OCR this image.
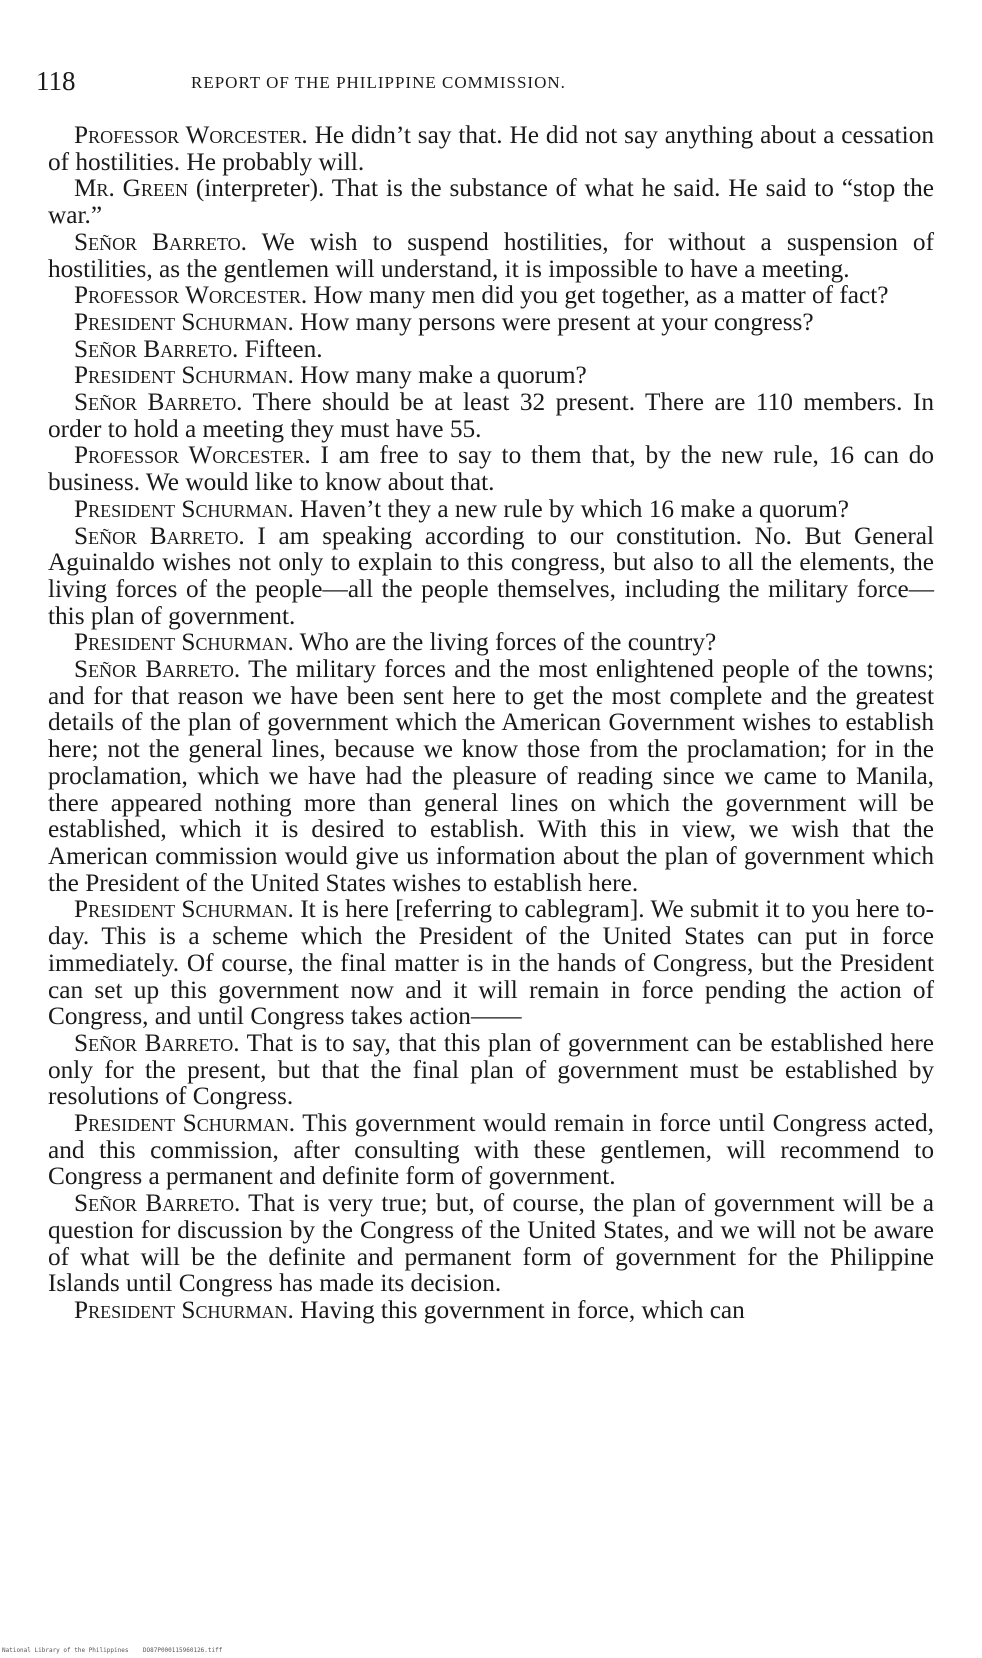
118	REPORT OF THE PHILIPPINE COMMISSION.

Professor Worcester. He didn’t say that. He did not say anything about a cessation of hostilities. He probably will.

Mr. Green (interpreter). That is the substance of what he said. He said to “stop the war.”

Señor Barreto. We wish to suspend hostilities, for without a suspension of hostilities, as the gentlemen will understand, it is impossible to have a meeting.

Professor Worcester. How many men did you get together, as a matter of fact?

President Schurman. How many persons were present at your congress?

Señor Barreto. Fifteen.

President Schurman. How many make a quorum?

Señor Barreto. There should be at least 32 present. There are 110 members. In order to hold a meeting they must have 55.

Professor Worcester. I am free to say to them that, by the new rule, 16 can do business. We would like to know about that.

President Schurman. Haven’t they a new rule by which 16 make a quorum?

Señor Barreto. I am speaking according to our constitution. No. But General Aguinaldo wishes not only to explain to this congress, but also to all the elements, the living forces of the people—all the people themselves, including the military force—this plan of government.

President Schurman. Who are the living forces of the country?

Señor Barreto. The military forces and the most enlightened people of the towns; and for that reason we have been sent here to get the most complete and the greatest details of the plan of government which the American Government wishes to establish here; not the general lines, because we know those from the proclamation; for in the proclamation, which we have had the pleasure of reading since we came to Manila, there appeared nothing more than general lines on which the government will be established, which it is desired to establish. With this in view, we wish that the American commission would give us information about the plan of government which the President of the United States wishes to establish here.

President Schurman. It is here [referring to cablegram]. We submit it to you here to-day. This is a scheme which the President of the United States can put in force immediately. Of course, the final matter is in the hands of Congress, but the President can set up this government now and it will remain in force pending the action of Congress, and until Congress takes action——

Señor Barreto. That is to say, that this plan of government can be established here only for the present, but that the final plan of government must be established by resolutions of Congress.

President Schurman. This government would remain in force until Congress acted, and this commission, after consulting with these gentlemen, will recommend to Congress a permanent and definite form of government.

Señor Barreto. That is very true; but, of course, the plan of government will be a question for discussion by the Congress of the United States, and we will not be aware of what will be the definite and permanent form of government for the Philippine Islands until Congress has made its decision.

President Schurman. Having this government in force, which can

National Library of the Philippines    DO87P000115960126.tiff
